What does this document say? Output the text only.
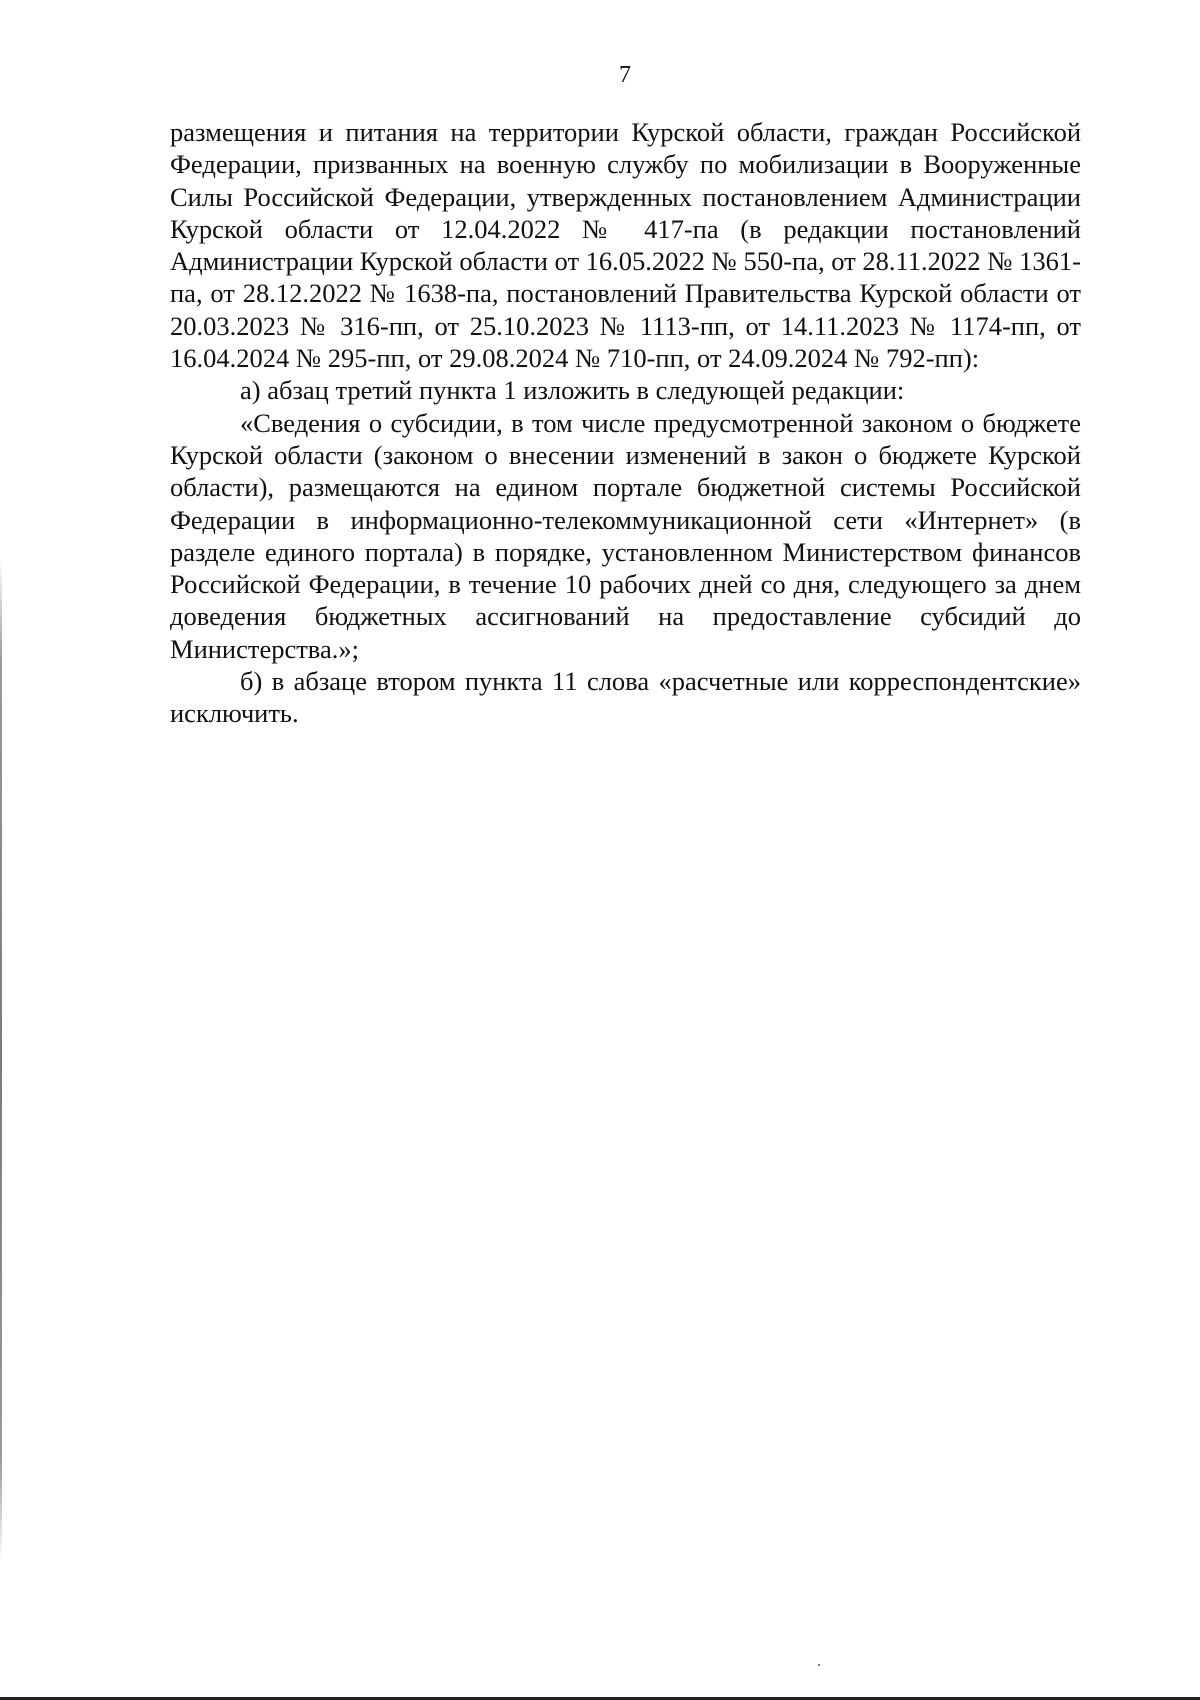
7

размещения и питания на территории Курской области, граждан Российской Федерации, призванных на военную службу по мобилизации в Вооруженные Силы Российской Федерации, утвержденных постановлением Администрации Курской области от 12.04.2022 № 417-па (в редакции постановлений Администрации Курской области от 16.05.2022 № 550-па, от 28.11.2022 № 1361-па, от 28.12.2022 № 1638-па, постановлений Правительства Курской области от 20.03.2023 № 316-пп, от 25.10.2023 № 1113-пп, от 14.11.2023 № 1174-пп, от 16.04.2024 № 295-пп, от 29.08.2024 № 710-пп, от 24.09.2024 № 792-пп):

а) абзац третий пункта 1 изложить в следующей редакции:

«Сведения о субсидии, в том числе предусмотренной законом о бюджете Курской области (законом о внесении изменений в закон о бюджете Курской области), размещаются на едином портале бюджетной системы Российской Федерации в информационно-телекоммуникационной сети «Интернет» (в разделе единого портала) в порядке, установленном Министерством финансов Российской Федерации, в течение 10 рабочих дней со дня, следующего за днем доведения бюджетных ассигнований на предоставление субсидий до Министерства.»;

б) в абзаце втором пункта 11 слова «расчетные или корреспондентские» исключить.
